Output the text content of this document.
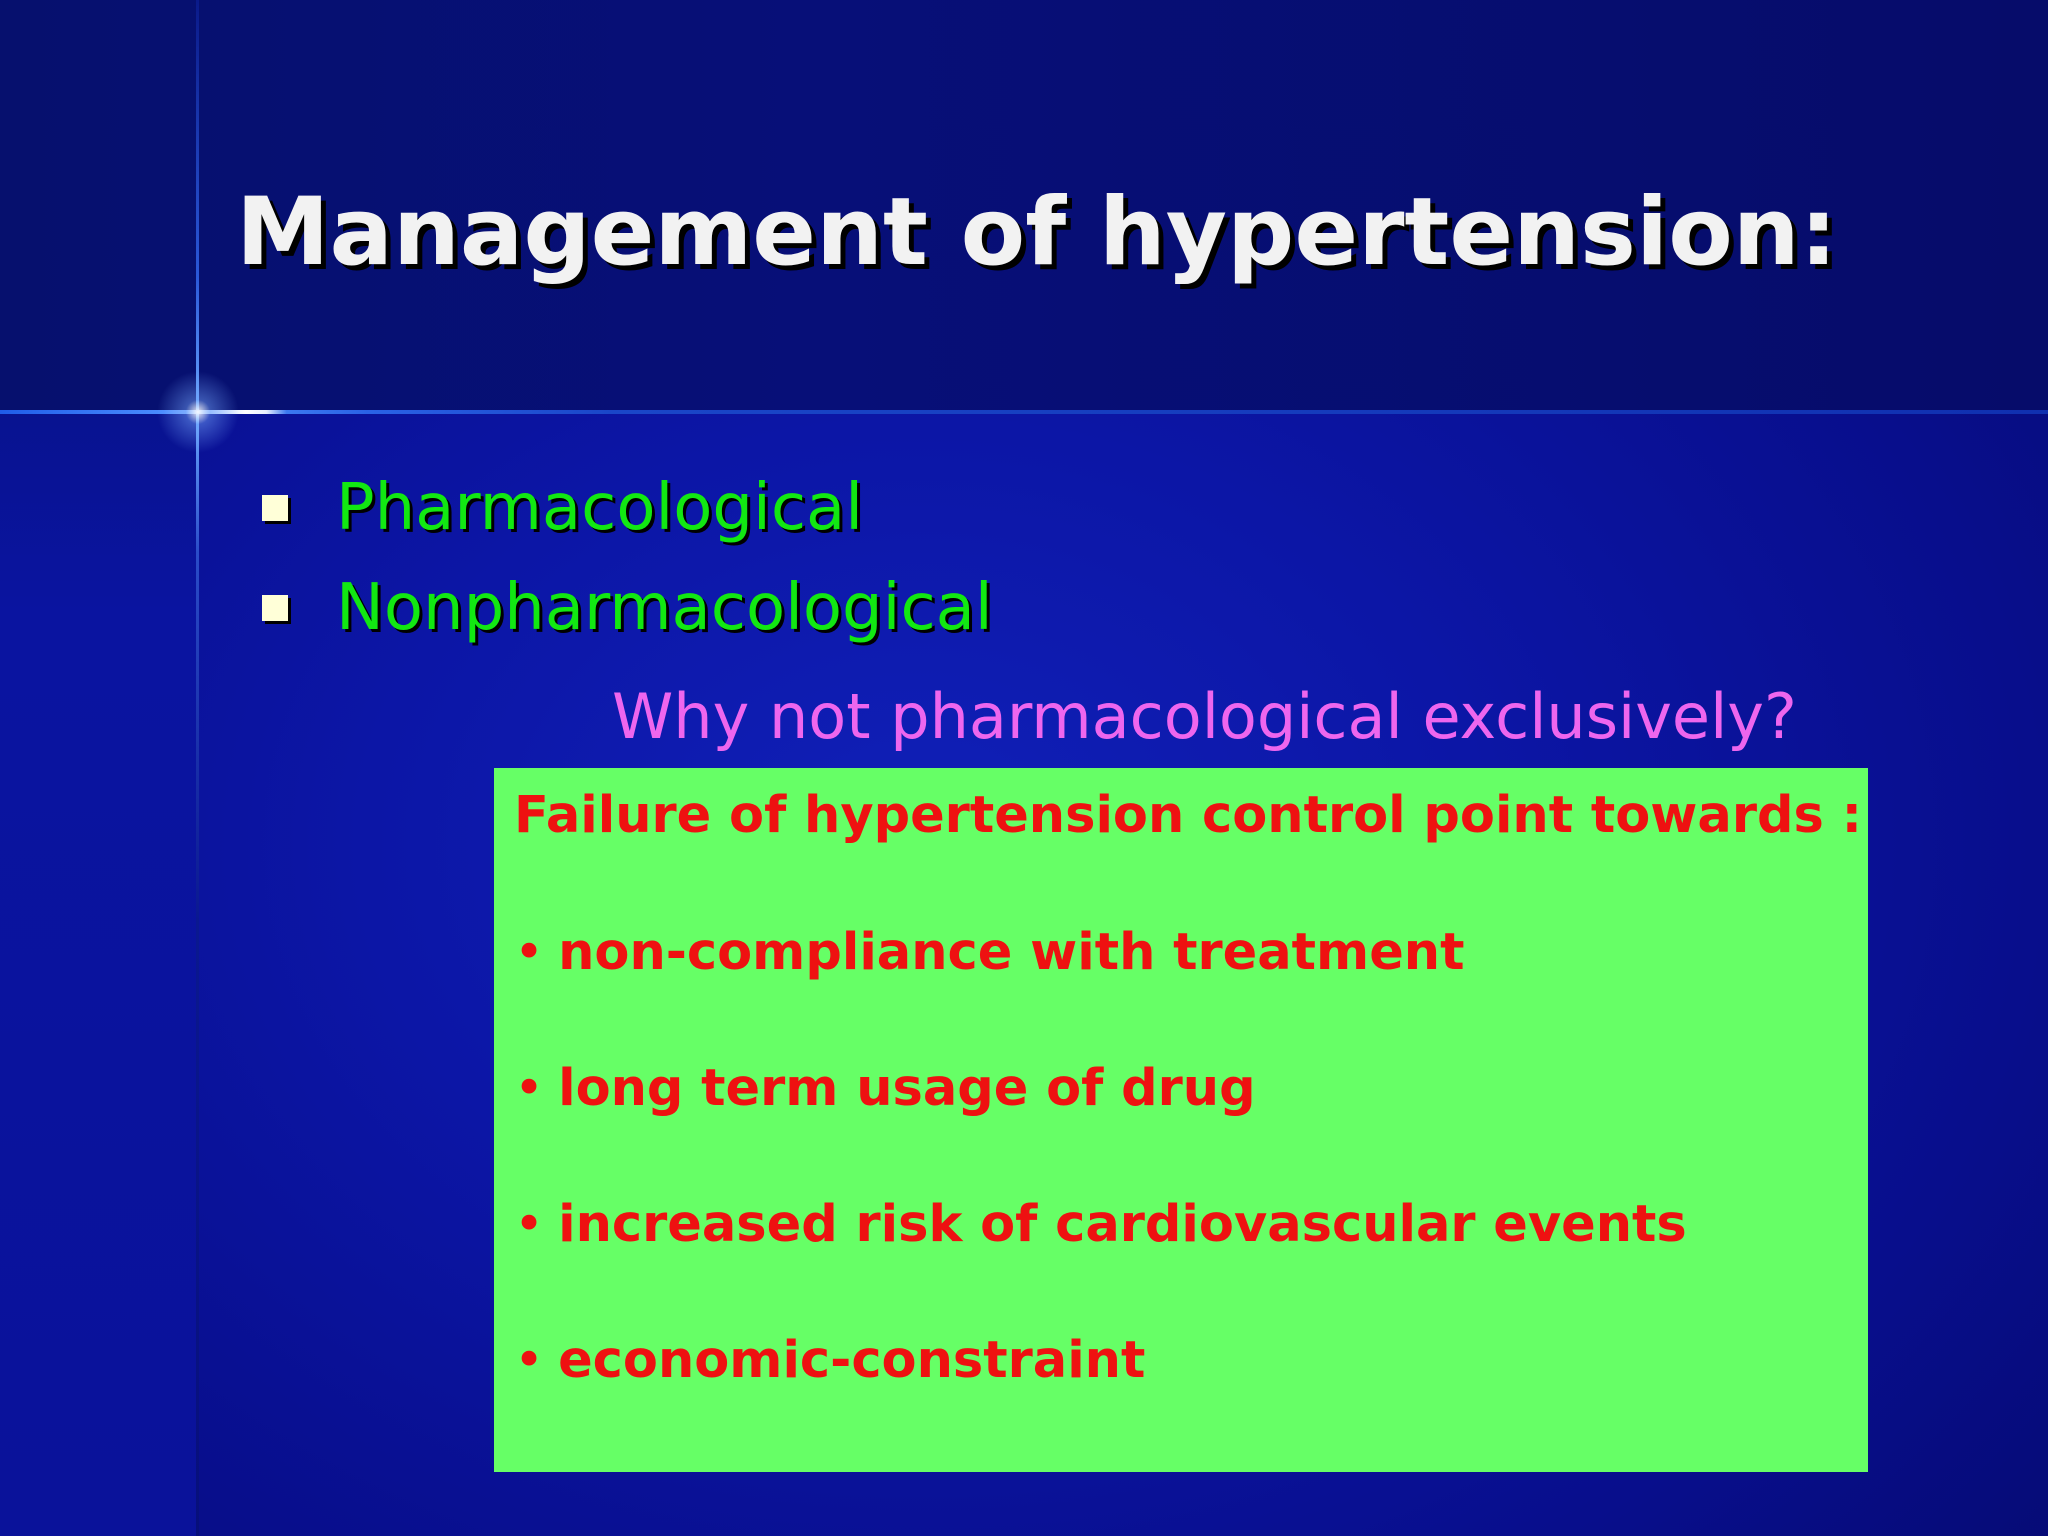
Management of hypertension:
Pharmacological
Nonpharmacological
Why not pharmacological exclusively?

Failure of hypertension control point towards :

• non-compliance with treatment

• long term usage of drug

• increased risk of cardiovascular events

• economic-constraint
